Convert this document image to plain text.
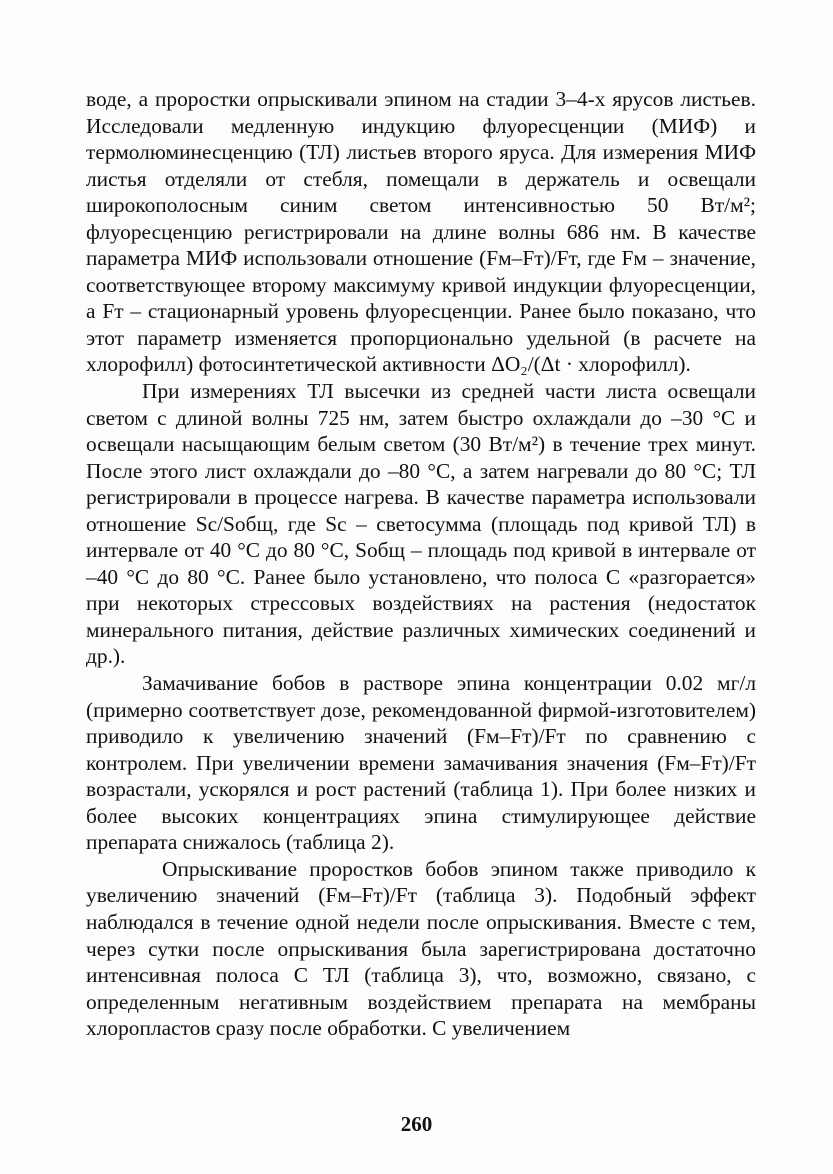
воде, а проростки опрыскивали эпином на стадии 3–4-х ярусов листьев. Исследовали медленную индукцию флуоресценции (МИФ) и термолюминесценцию (ТЛ) листьев второго яруса. Для измерения МИФ листья отделяли от стебля, помещали в держатель и освещали широкополосным синим светом интенсивностью 50 Вт/м²; флуоресценцию регистрировали на длине волны 686 нм. В качестве параметра МИФ использовали отношение (Fм–Fт)/Fт, где Fм – значение, соответствующее второму максимуму кривой индукции флуоресценции, а Fт – стационарный уровень флуоресценции. Ранее было показано, что этот параметр изменяется пропорционально удельной (в расчете на хлорофилл) фотосинтетической активности ΔO₂/(Δt · хлорофилл).

При измерениях ТЛ высечки из средней части листа освещали светом с длиной волны 725 нм, затем быстро охлаждали до –30 °С и освещали насыщающим белым светом (30 Вт/м²) в течение трех минут. После этого лист охлаждали до –80 °С, а затем нагревали до 80 °С; ТЛ регистрировали в процессе нагрева. В качестве параметра использовали отношение Sc/Sобщ, где Sc – светосумма (площадь под кривой ТЛ) в интервале от 40 °С до 80 °С, Sобщ – площадь под кривой в интервале от –40 °С до 80 °С. Ранее было установлено, что полоса С «разгорается» при некоторых стрессовых воздействиях на растения (недостаток минерального питания, действие различных химических соединений и др.).

Замачивание бобов в растворе эпина концентрации 0.02 мг/л (примерно соответствует дозе, рекомендованной фирмой-изготовителем) приводило к увеличению значений (Fм–Fт)/Fт по сравнению с контролем. При увеличении времени замачивания значения (Fм–Fт)/Fт возрастали, ускорялся и рост растений (таблица 1). При более низких и более высоких концентрациях эпина стимулирующее действие препарата снижалось (таблица 2).

Опрыскивание проростков бобов эпином также приводило к увеличению значений (Fм–Fт)/Fт (таблица 3). Подобный эффект наблюдался в течение одной недели после опрыскивания. Вместе с тем, через сутки после опрыскивания была зарегистрирована достаточно интенсивная полоса С ТЛ (таблица 3), что, возможно, связано, с определенным негативным воздействием препарата на мембраны хлоропластов сразу после обработки. С увеличением

260
